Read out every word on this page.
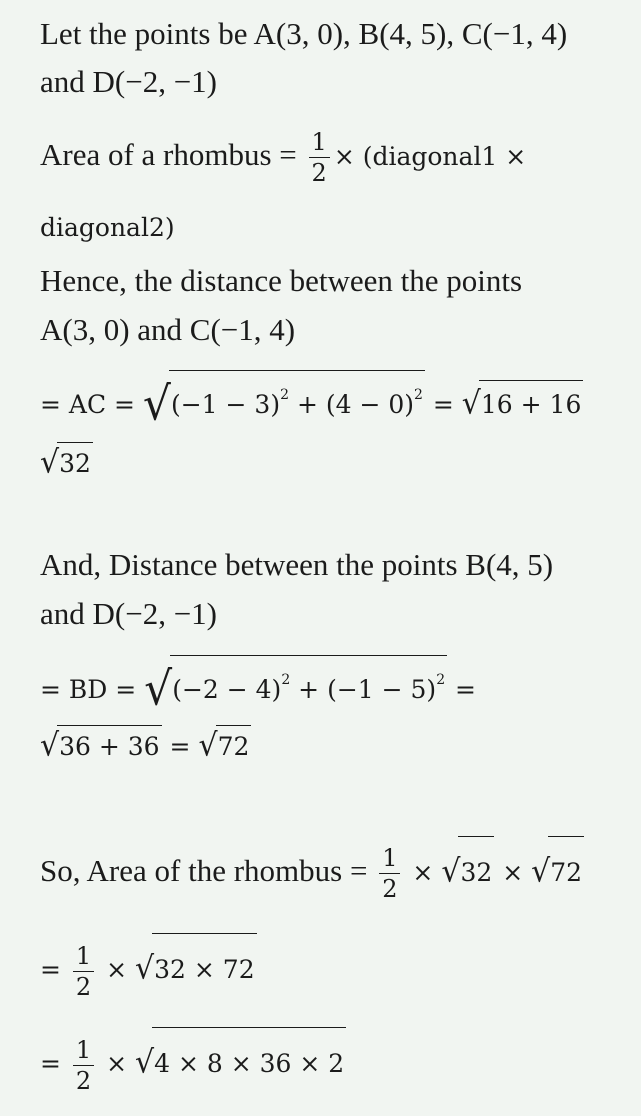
Let the points be A(3, 0), B(4, 5), C(−1, 4)
and D(−2, −1)
Area of a rhombus = $\frac{1}{2}$ × (diagonal1 ×
diagonal2)
Hence, the distance between the points
A(3, 0) and C(−1, 4)
= AC = $√(-1 - 3)^2 + (4 - 0)^2 = √16 + 16$
√32
And, Distance between the points B(4, 5)
and D(−2, −1)
= BD = $√(-2 - 4)^2 + (-1 - 5)^2$ =
√36 + 36 = √72
So, Area of the rhombus = $\frac{1}{2} \times √32 \times √72$
= $\frac{1}{2} \times √32 \times 72$
= $\frac{1}{2} \times √4 \times 8 \times 36 \times 2$
